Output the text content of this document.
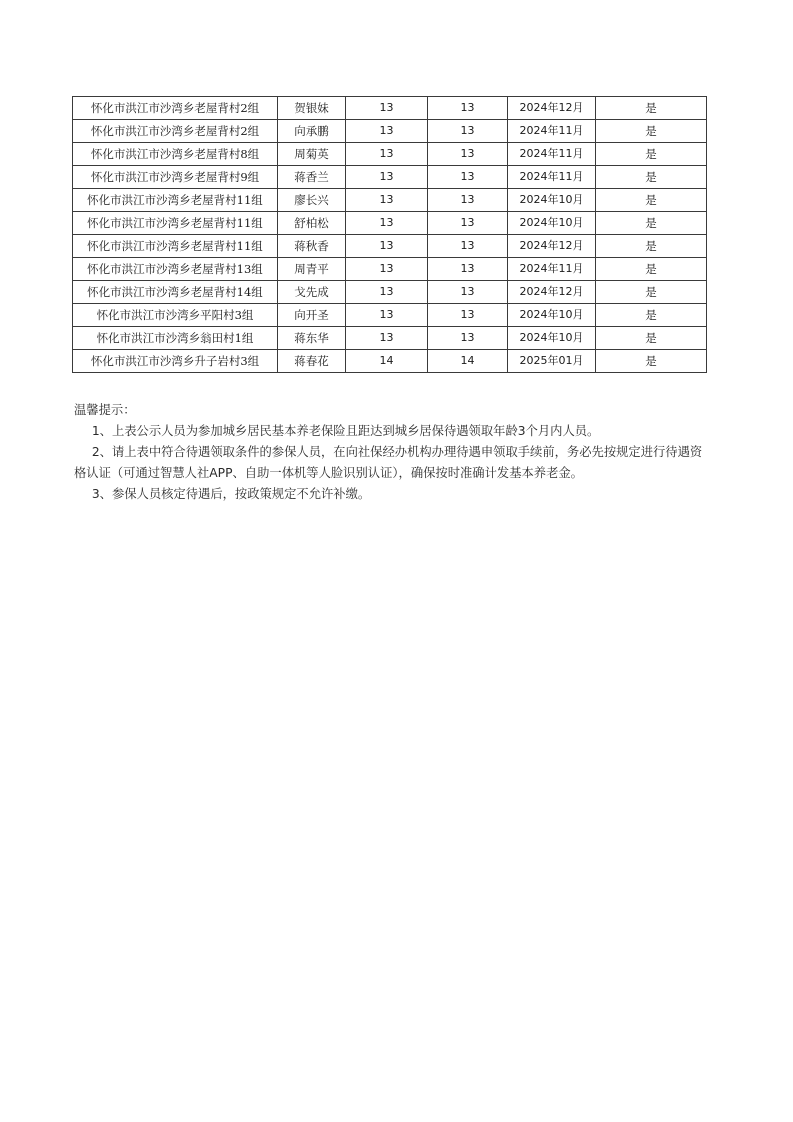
怀化市洪江市沙湾乡老屋背村2组	贺银妹	13	13	2024年12月	是
怀化市洪江市沙湾乡老屋背村2组	向承鹏	13	13	2024年11月	是
怀化市洪江市沙湾乡老屋背村8组	周菊英	13	13	2024年11月	是
怀化市洪江市沙湾乡老屋背村9组	蒋香兰	13	13	2024年11月	是
怀化市洪江市沙湾乡老屋背村11组	廖长兴	13	13	2024年10月	是
怀化市洪江市沙湾乡老屋背村11组	舒柏松	13	13	2024年10月	是
怀化市洪江市沙湾乡老屋背村11组	蒋秋香	13	13	2024年12月	是
怀化市洪江市沙湾乡老屋背村13组	周青平	13	13	2024年11月	是
怀化市洪江市沙湾乡老屋背村14组	戈先成	13	13	2024年12月	是
怀化市洪江市沙湾乡平阳村3组	向开圣	13	13	2024年10月	是
怀化市洪江市沙湾乡翁田村1组	蒋东华	13	13	2024年10月	是
怀化市洪江市沙湾乡升子岩村3组	蒋春花	14	14	2025年01月	是

温馨提示：

1、上表公示人员为参加城乡居民基本养老保险且距达到城乡居保待遇领取年龄3个月内人员。

2、请上表中符合待遇领取条件的参保人员，在向社保经办机构办理待遇申领取手续前，务必先按规定进行待遇资格认证（可通过智慧人社APP、自助一体机等人脸识别认证），确保按时准确计发基本养老金。

3、参保人员核定待遇后，按政策规定不允许补缴。
